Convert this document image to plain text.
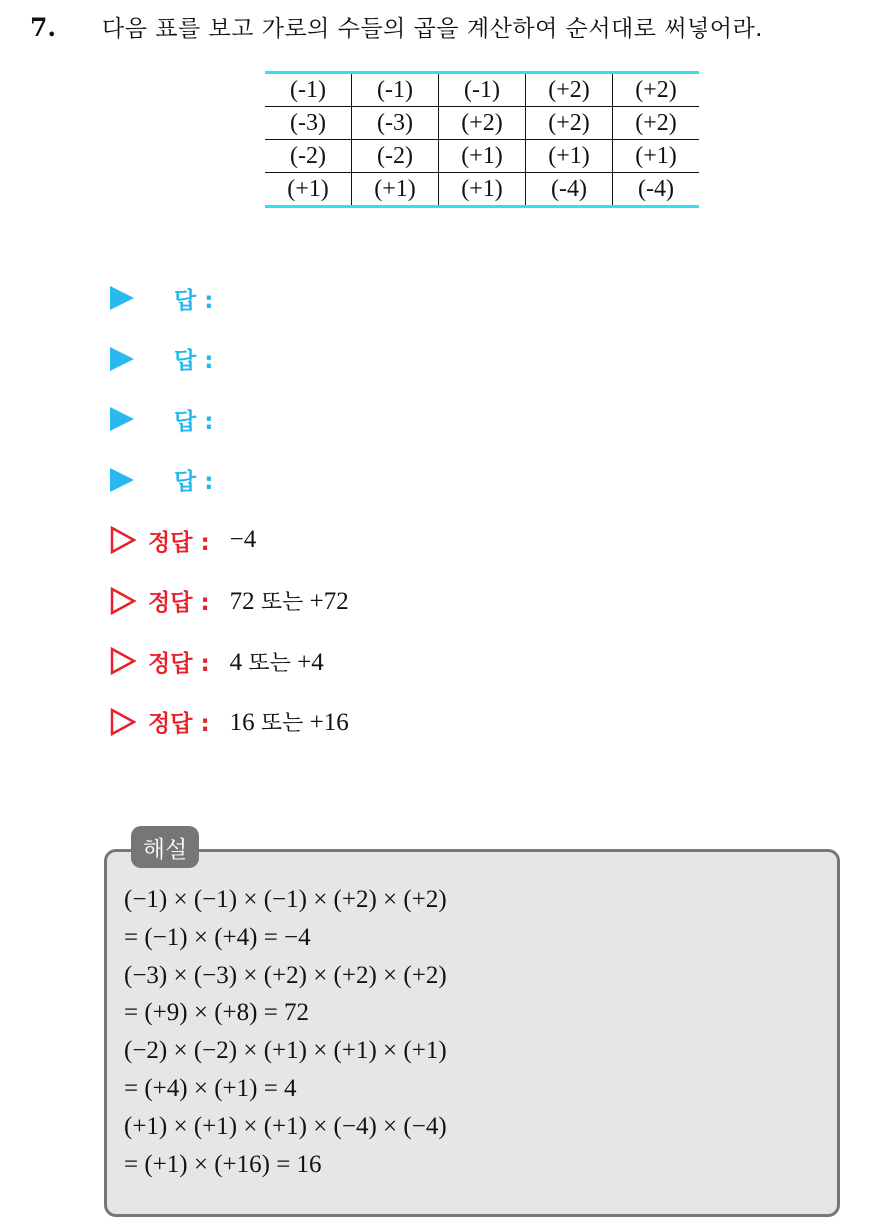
7.	다음 표를 보고 가로의 수들의 곱을 계산하여 순서대로 써넣어라.
(-1)	(-1)	(-1)	(+2)	(+2)
(-3)	(-3)	(+2)	(+2)	(+2)
(-2)	(-2)	(+1)	(+1)	(+1)
(+1)	(+1)	(+1)	(-4)	(-4)
답 :
답 :
답 :
답 :
정답 : −4
정답 : 72 또는 +72
정답 : 4 또는 +4
정답 : 16 또는 +16
해설
(−1) × (−1) × (−1) × (+2) × (+2)
= (−1) × (+4) = −4
(−3) × (−3) × (+2) × (+2) × (+2)
= (+9) × (+8) = 72
(−2) × (−2) × (+1) × (+1) × (+1)
= (+4) × (+1) = 4
(+1) × (+1) × (+1) × (−4) × (−4)
= (+1) × (+16) = 16
